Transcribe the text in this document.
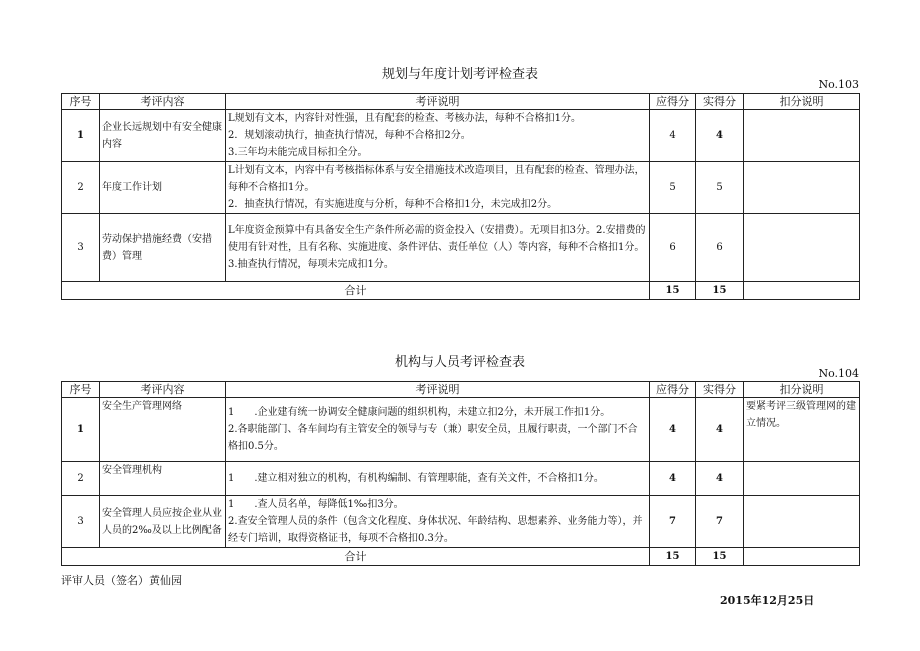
规划与年度计划考评检查表
No.103
序号	考评内容	考评说明	应得分	实得分	扣分说明
1	企业长远规划中有安全健康内容	L规划有文本，内容针对性强，且有配套的检查、考核办法，每种不合格扣1分。
2．规划滚动执行，抽查执行情况，每种不合格扣2分。
3.三年均未能完成目标扣全分。	4	4	
2	年度工作计划	L计划有文本，内容中有考核指标体系与安全措施技术改造项目，且有配套的检查、管理办法，每种不合格扣1分。
2．抽查执行情况，有实施进度与分析，每种不合格扣1分，未完成扣2分。	5	5	
3	劳动保护措施经费（安措费）管理	L年度资金预算中有具备安全生产条件所必需的资金投入（安措费）。无项目扣3分。2.安措费的使用有针对性，且有名称、实施进度、条件评估、责任单位（人）等内容，每种不合格扣1分。
3.抽查执行情况，每项未完成扣1分。	6	6	
合计			15	15	
机构与人员考评检查表
No.104
序号	考评内容	考评说明	应得分	实得分	扣分说明
1	安全生产管理网络	1　　.企业建有统一协调安全健康问题的组织机构，未建立扣2分，未开展工作扣1分。
2.各职能部门、各车间均有主管安全的领导与专（兼）职安全员，且履行职责，一个部门不合格扣0.5分。	4	4	要紧考评三级管理网的建立情况。
2	安全管理机构	1　　.建立相对独立的机构，有机构编制、有管理职能，查有关文件，不合格扣1分。	4	4	
3	安全管理人员应按企业从业人员的2‰及以上比例配备	1　　.查人员名单，每降低1‰扣3分。
2.查安全管理人员的条件（包含文化程度、身体状况、年龄结构、思想素养、业务能力等），并经专门培训，取得资格证书，每项不合格扣0.3分。	7	7	
合计			15	15	
评审人员（签名）黄仙园
2015年12月25日
